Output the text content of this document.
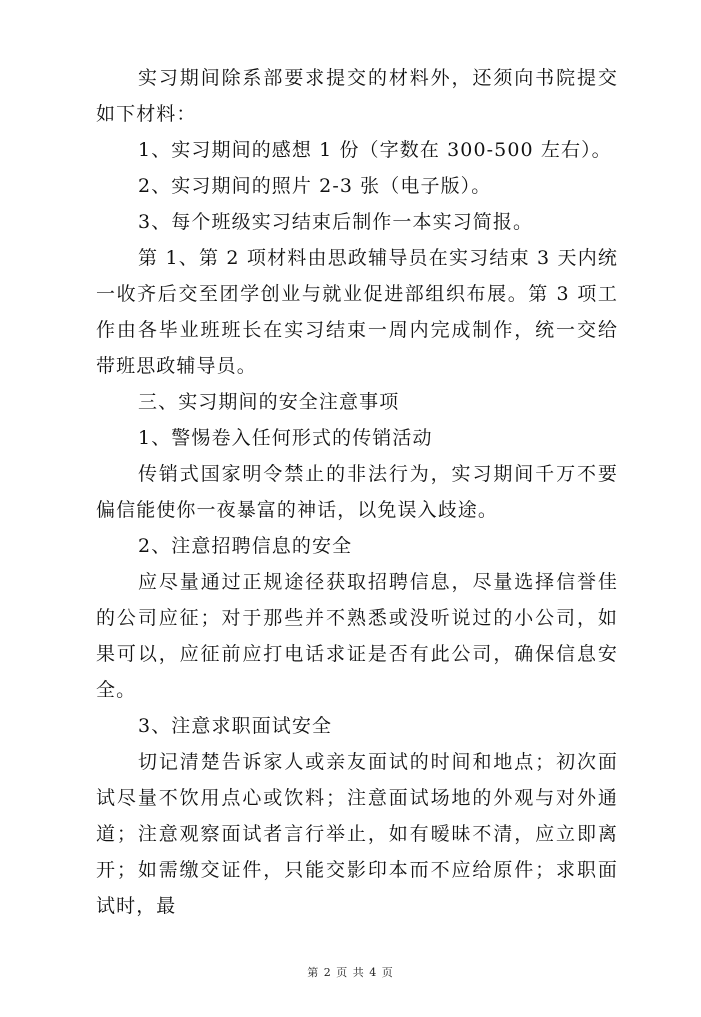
实习期间除系部要求提交的材料外，还须向书院提交如下材料：

1、实习期间的感想 1 份（字数在 300-500 左右）。

2、实习期间的照片 2-3 张（电子版）。

3、每个班级实习结束后制作一本实习简报。

第 1、第 2 项材料由思政辅导员在实习结束 3 天内统一收齐后交至团学创业与就业促进部组织布展。第 3 项工作由各毕业班班长在实习结束一周内完成制作，统一交给带班思政辅导员。

三、实习期间的安全注意事项

1、警惕卷入任何形式的传销活动

传销式国家明令禁止的非法行为，实习期间千万不要偏信能使你一夜暴富的神话，以免误入歧途。

2、注意招聘信息的安全

应尽量通过正规途径获取招聘信息，尽量选择信誉佳的公司应征；对于那些并不熟悉或没听说过的小公司，如果可以，应征前应打电话求证是否有此公司，确保信息安全。

3、注意求职面试安全

切记清楚告诉家人或亲友面试的时间和地点；初次面试尽量不饮用点心或饮料；注意面试场地的外观与对外通道；注意观察面试者言行举止，如有暧昧不清，应立即离开；如需缴交证件，只能交影印本而不应给原件；求职面试时，最

第 2 页 共 4 页
